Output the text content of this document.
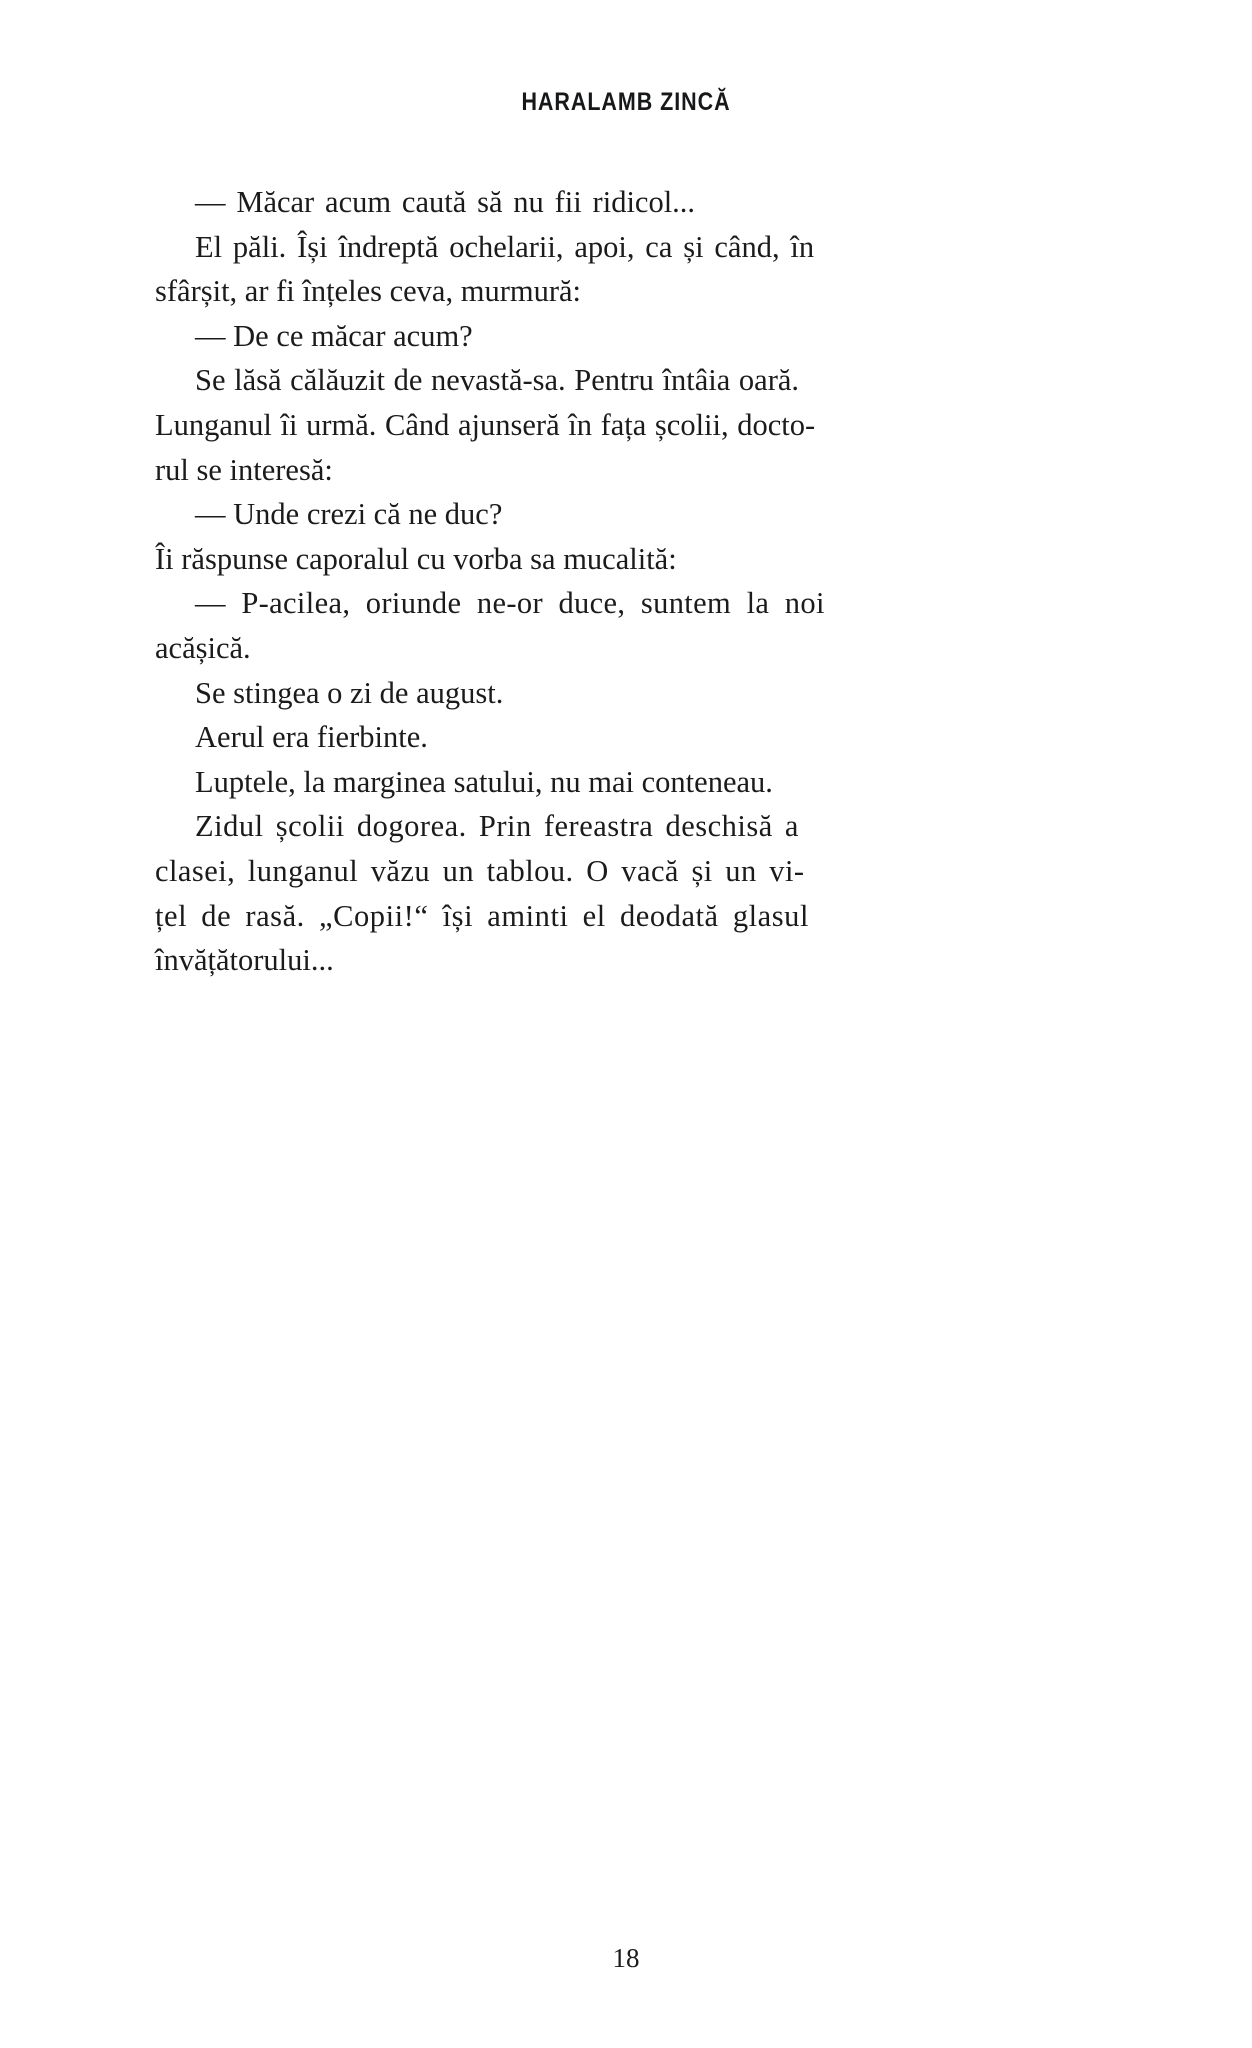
HARALAMB ZINCĂ
— Măcar acum caută să nu fii ridicol...
El păli. Își îndreptă ochelarii, apoi, ca și când, în
sfârșit, ar fi înțeles ceva, murmură:
— De ce măcar acum?
Se lăsă călăuzit de nevastă-sa. Pentru întâia oară.
Lunganul îi urmă. Când ajunseră în fața școlii, docto-
rul se interesă:
— Unde crezi că ne duc?
Îi răspunse caporalul cu vorba sa mucalită:
— P-acilea, oriunde ne-or duce, suntem la noi
acășică.
Se stingea o zi de august.
Aerul era fierbinte.
Luptele, la marginea satului, nu mai conteneau.
Zidul școlii dogorea. Prin fereastra deschisă a
clasei, lunganul văzu un tablou. O vacă și un vi-
țel de rasă. „Copii!“ își aminti el deodată glasul
învățătorului...
18
